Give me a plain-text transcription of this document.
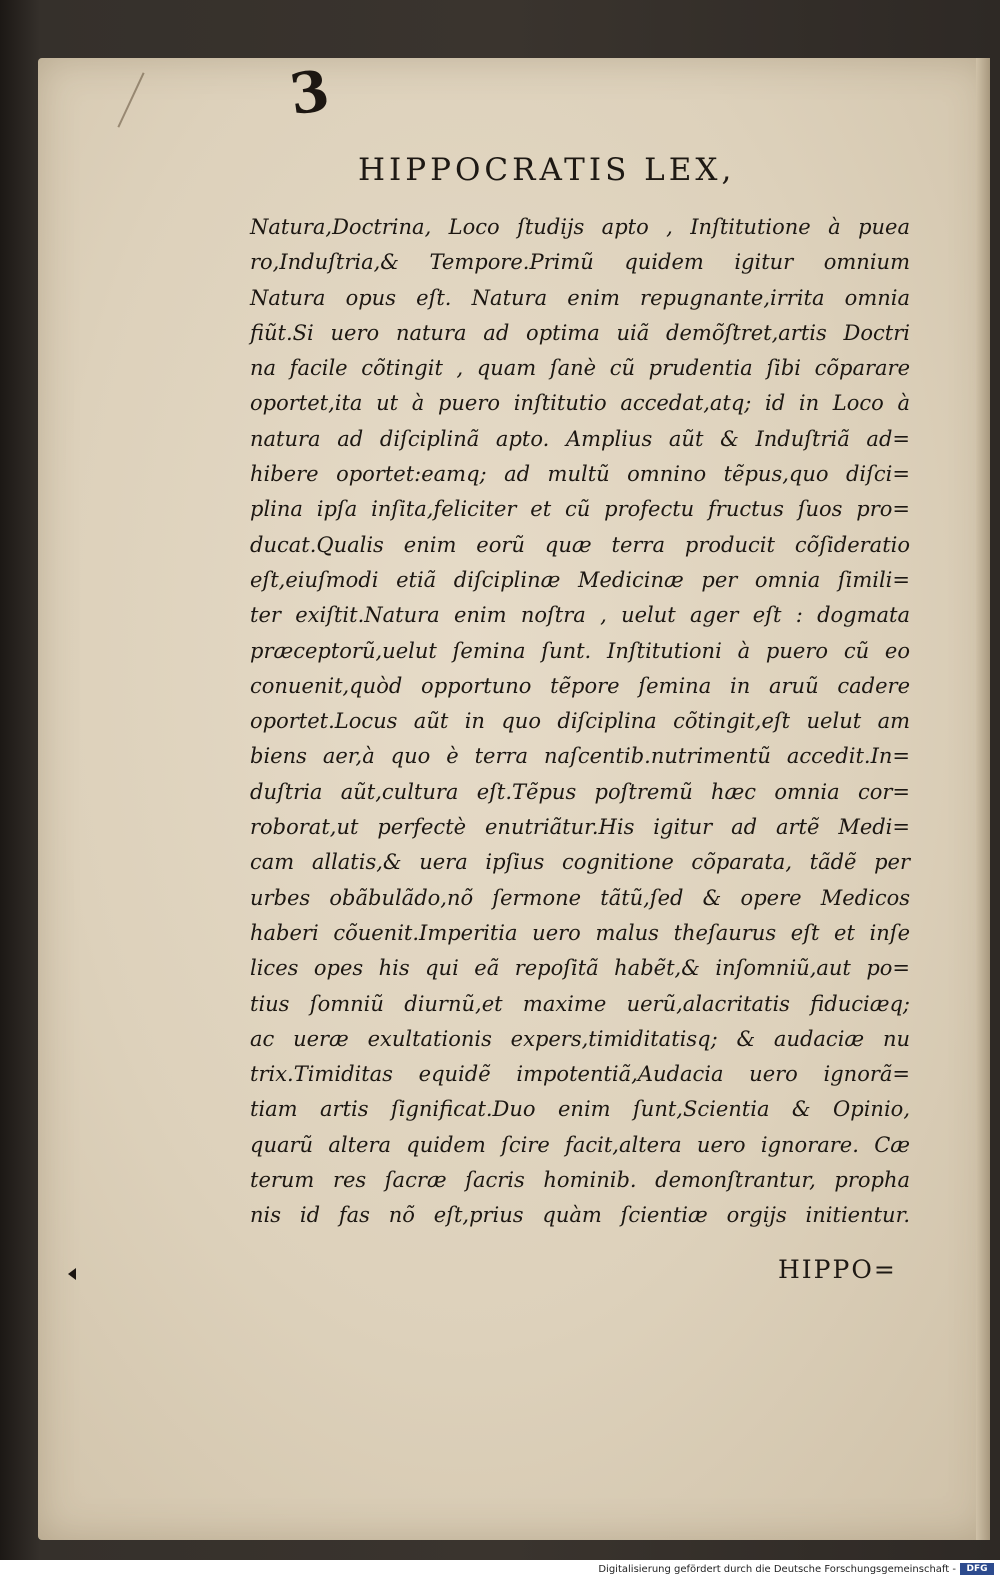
3
HIPPOCRATIS LEX,
Natura,Doctrina, Loco ſtudijs apto , Inſtitutione à puea
ro,Induſtria,& Tempore.Primũ quidem igitur omnium
Natura opus eſt. Natura enim repugnante,irrita omnia
fiũt.Si uero natura ad optima uiã demõſtret,artis Doctri
na facile cõtingit , quam ſanè cũ prudentia ſibi cõparare
oportet,ita ut à puero inſtitutio accedat,atq; id in Loco à
natura ad diſciplinã apto. Amplius aũt & Induſtriã ad=
hibere oportet:eamq; ad multũ omnino tẽpus,quo diſci=
plina ipſa inſita,feliciter et cũ profectu fructus ſuos pro=
ducat.Qualis enim eorũ quæ terra producit cõſideratio
eſt,eiuſmodi etiã diſciplinæ Medicinæ per omnia ſimili=
ter exiſtit.Natura enim noſtra , uelut ager eſt : dogmata
præceptorũ,uelut ſemina ſunt. Inſtitutioni à puero cũ eo
conuenit,quòd opportuno tẽpore ſemina in aruũ cadere
oportet.Locus aũt in quo diſciplina cõtingit,eſt uelut am
biens aer,à quo è terra naſcentib.nutrimentũ accedit.In=
duſtria aũt,cultura eſt.Tẽpus poſtremũ hæc omnia cor=
roborat,ut perfectè enutriãtur.His igitur ad artẽ Medi=
cam allatis,& uera ipſius cognitione cõparata, tãdẽ per
urbes obãbulãdo,nõ ſermone tãtũ,ſed & opere Medicos
haberi cõuenit.Imperitia uero malus theſaurus eſt et inſe
lices opes his qui eã repoſitã habẽt,& inſomniũ,aut po=
tius ſomniũ diurnũ,et maxime uerũ,alacritatis fiduciæq;
ac ueræ exultationis expers,timiditatisq; & audaciæ nu
trix.Timiditas equidẽ impotentiã,Audacia uero ignorã=
tiam artis ſignificat.Duo enim ſunt,Scientia & Opinio,
quarũ altera quidem ſcire facit,altera uero ignorare. Cæ
terum res ſacræ ſacris hominib. demonſtrantur, propha
nis id fas nõ eſt,prius quàm ſcientiæ orgijs initientur.
HIPPO=
Digitalisierung gefördert durch die Deutsche Forschungsgemeinschaft -	DFG
